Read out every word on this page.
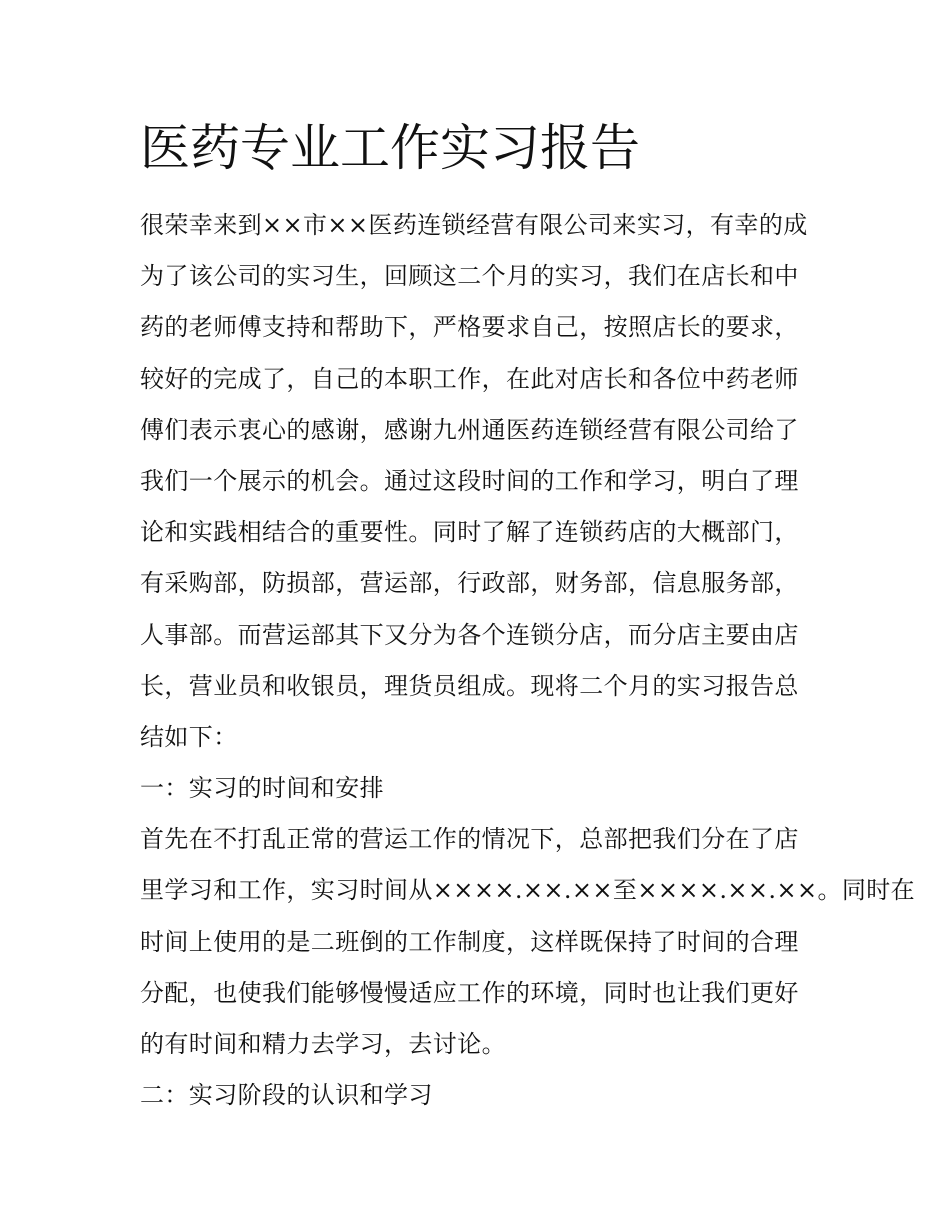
医药专业工作实习报告
很荣幸来到××市××医药连锁经营有限公司来实习，有幸的成
为了该公司的实习生，回顾这二个月的实习，我们在店长和中
药的老师傅支持和帮助下，严格要求自己，按照店长的要求，
较好的完成了，自己的本职工作，在此对店长和各位中药老师
傅们表示衷心的感谢，感谢九州通医药连锁经营有限公司给了
我们一个展示的机会。通过这段时间的工作和学习，明白了理
论和实践相结合的重要性。同时了解了连锁药店的大概部门，
有采购部，防损部，营运部，行政部，财务部，信息服务部，
人事部。而营运部其下又分为各个连锁分店，而分店主要由店
长，营业员和收银员，理货员组成。现将二个月的实习报告总
结如下：
一：实习的时间和安排
首先在不打乱正常的营运工作的情况下，总部把我们分在了店
里学习和工作，实习时间从××××.××.××至××××.××.××。同时在
时间上使用的是二班倒的工作制度，这样既保持了时间的合理
分配，也使我们能够慢慢适应工作的环境，同时也让我们更好
的有时间和精力去学习，去讨论。
二：实习阶段的认识和学习
